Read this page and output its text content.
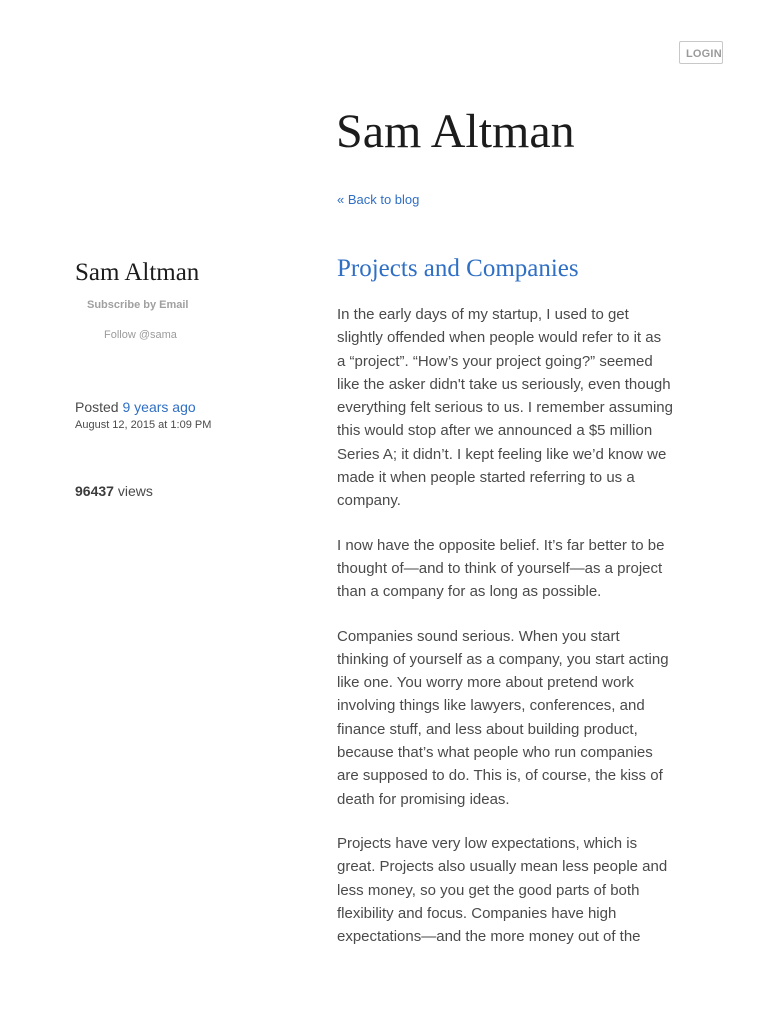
LOGIN
Sam Altman
« Back to blog
Sam Altman
Subscribe by Email
Follow @sama
Posted 9 years ago
August 12, 2015 at 1:09 PM
96437 views
Projects and Companies

In the early days of my startup, I used to get slightly offended when people would refer to it as a “project”. “How’s your project going?” seemed like the asker didn't take us seriously, even though everything felt serious to us. I remember assuming this would stop after we announced a $5 million Series A; it didn’t. I kept feeling like we’d know we made it when people started referring to us a company.

I now have the opposite belief. It’s far better to be thought of—and to think of yourself—as a project than a company for as long as possible.

Companies sound serious. When you start thinking of yourself as a company, you start acting like one. You worry more about pretend work involving things like lawyers, conferences, and finance stuff, and less about building product, because that’s what people who run companies are supposed to do. This is, of course, the kiss of death for promising ideas.

Projects have very low expectations, which is great. Projects also usually mean less people and less money, so you get the good parts of both flexibility and focus. Companies have high expectations—and the more money out of the
